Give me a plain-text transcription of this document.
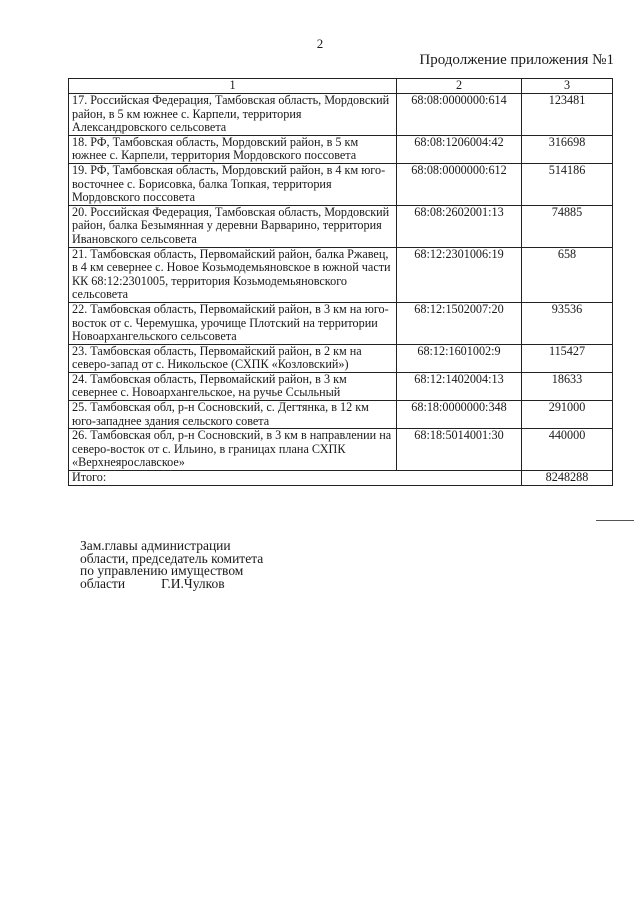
2
Продолжение приложения №1
1	2	3
17. Российская Федерация, Тамбовская область, Мордовский район, в 5 км южнее с. Карпели, территория Александровского сельсовета	68:08:0000000:614	123481
18. РФ, Тамбовская область, Мордовский район, в 5 км южнее с. Карпели, территория Мордовского поссовета	68:08:1206004:42	316698
19. РФ, Тамбовская область, Мордовский район, в 4 км юго-восточнее с. Борисовка, балка Топкая, территория Мордовского поссовета	68:08:0000000:612	514186
20. Российская Федерация, Тамбовская область, Мордовский район, балка Безымянная у деревни Варварино, территория Ивановского сельсовета	68:08:2602001:13	74885
21. Тамбовская область, Первомайский район, балка Ржавец, в 4 км севернее с. Новое Козьмодемьяновское в южной части КК 68:12:2301005, территория Козьмодемьяновского сельсовета	68:12:2301006:19	658
22. Тамбовская область, Первомайский район, в 3 км на юго-восток от с. Черемушка, урочище Плотский на территории Новоархангельского сельсовета	68:12:1502007:20	93536
23. Тамбовская область, Первомайский район, в 2 км на северо-запад от с. Никольское (СХПК «Козловский»)	68:12:1601002:9	115427
24. Тамбовская область, Первомайский район, в 3 км севернее с. Новоархангельское, на ручье Ссыльный	68:12:1402004:13	18633
25. Тамбовская обл, р-н Сосновский, с. Дегтянка, в 12 км юго-западнее здания сельского совета	68:18:0000000:348	291000
26. Тамбовская обл, р-н Сосновский, в 3 км в направлении на северо-восток от с. Ильино, в границах плана СХПК «Верхнеярославское»	68:18:5014001:30	440000
Итого:		8248288
Зам.главы администрации
области, председатель комитета
по управлению имуществом
области	Г.И.Чулков
